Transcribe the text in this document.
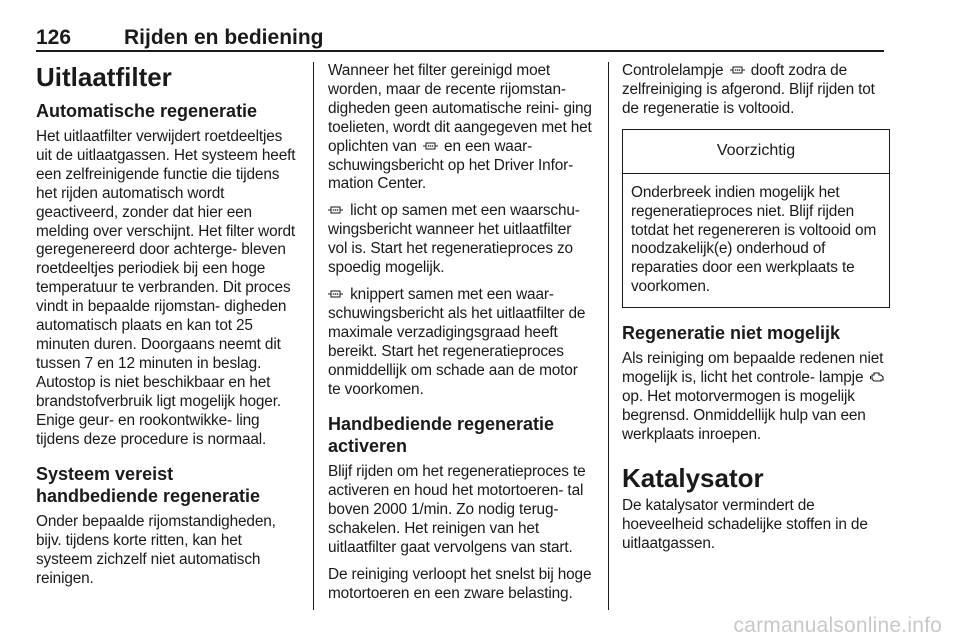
126	Rijden en bediening
Uitlaatfilter
Automatische regeneratie

Het uitlaatfilter verwijdert roetdeeltjes uit de uitlaatgassen. Het systeem heeft een zelfreinigende functie die tijdens het rijden automatisch wordt geactiveerd, zonder dat hier een melding over verschijnt. Het filter wordt geregenereerd door achterge- bleven roetdeeltjes periodiek bij een hoge temperatuur te verbranden. Dit proces vindt in bepaalde rijomstan- digheden automatisch plaats en kan tot 25 minuten duren. Doorgaans neemt dit tussen 7 en 12 minuten in beslag. Autostop is niet beschikbaar en het brandstofverbruik ligt mogelijk hoger. Enige geur- en rookontwikke- ling tijdens deze procedure is normaal.

Systeem vereist handbediende regeneratie

Onder bepaalde rijomstandigheden, bijv. tijdens korte ritten, kan het systeem zichzelf niet automatisch reinigen.

Wanneer het filter gereinigd moet worden, maar de recente rijomstan- digheden geen automatische reini- ging toelieten, wordt dit aangegeven met het oplichten van en een waar- schuwingsbericht op het Driver Infor- mation Center.

licht op samen met een waarschu- wingsbericht wanneer het uitlaatfilter vol is. Start het regeneratieproces zo spoedig mogelijk.

knippert samen met een waar- schuwingsbericht als het uitlaatfilter de maximale verzadigingsgraad heeft bereikt. Start het regeneratieproces onmiddellijk om schade aan de motor te voorkomen.

Handbediende regeneratie activeren

Blijf rijden om het regeneratieproces te activeren en houd het motortoeren- tal boven 2000 1/min. Zo nodig terug- schakelen. Het reinigen van het uitlaatfilter gaat vervolgens van start.

De reiniging verloopt het snelst bij hoge motortoeren en een zware belasting.

Controlelampje dooft zodra de zelfreiniging is afgerond. Blijf rijden tot de regeneratie is voltooid.

Voorzichtig

Onderbreek indien mogelijk het regeneratieproces niet. Blijf rijden totdat het regenereren is voltooid om noodzakelijk(e) onderhoud of reparaties door een werkplaats te voorkomen.

Regeneratie niet mogelijk

Als reiniging om bepaalde redenen niet mogelijk is, licht het controle- lampje  op. Het motorvermogen is mogelijk begrensd. Onmiddellijk hulp van een werkplaats inroepen.

Katalysator

De katalysator vermindert de hoeveelheid schadelijke stoffen in de uitlaatgassen.

carmanualsonline.info
